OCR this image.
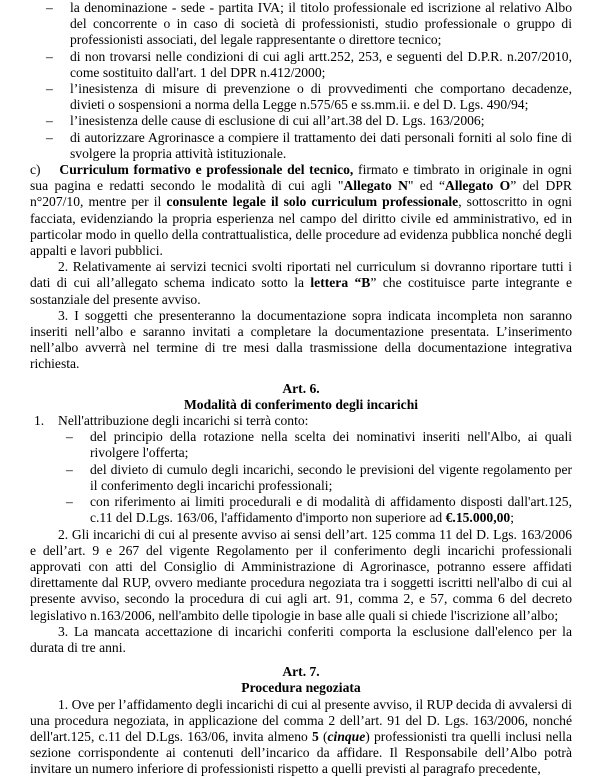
– la denominazione - sede - partita IVA; il titolo professionale ed iscrizione al relativo Albo del concorrente o in caso di società di professionisti, studio professionale o gruppo di professionisti associati, del legale rappresentante o direttore tecnico;

– di non trovarsi nelle condizioni di cui agli artt.252, 253, e seguenti del D.P.R. n.207/2010, come sostituito dall'art. 1 del DPR n.412/2000;

– l’inesistenza di misure di prevenzione o di provvedimenti che comportano decadenze, divieti o sospensioni a norma della Legge n.575/65 e ss.mm.ii. e del D. Lgs. 490/94;

– l’inesistenza delle cause di esclusione di cui all’art.38 del D. Lgs. 163/2006;

– di autorizzare Agrorinasce a compiere il trattamento dei dati personali forniti al solo fine di svolgere la propria attività istituzionale.

c) Curriculum formativo e professionale del tecnico, firmato e timbrato in originale in ogni sua pagina e redatti secondo le modalità di cui agli "Allegato N" ed “Allegato O” del DPR n°207/10, mentre per il consulente legale il solo curriculum professionale, sottoscritto in ogni facciata, evidenziando la propria esperienza nel campo del diritto civile ed amministrativo, ed in particolar modo in quello della contrattualistica, delle procedure ad evidenza pubblica nonché degli appalti e lavori pubblici.

2. Relativamente ai servizi tecnici svolti riportati nel curriculum si dovranno riportare tutti i dati di cui all’allegato schema indicato sotto la lettera “B” che costituisce parte integrante e sostanziale del presente avviso.

3. I soggetti che presenteranno la documentazione sopra indicata incompleta non saranno inseriti nell’albo e saranno invitati a completare la documentazione presentata. L’inserimento nell’albo avverrà nel termine di tre mesi dalla trasmissione della documentazione integrativa richiesta.

Art. 6.

Modalità di conferimento degli incarichi

1. Nell'attribuzione degli incarichi si terrà conto:

– del principio della rotazione nella scelta dei nominativi inseriti nell'Albo, ai quali rivolgere l'offerta;

– del divieto di cumulo degli incarichi, secondo le previsioni del vigente regolamento per il conferimento degli incarichi professionali;

– con riferimento ai limiti procedurali e di modalità di affidamento disposti dall'art.125, c.11 del D.Lgs. 163/06, l'affidamento d'importo non superiore ad €.15.000,00;

2. Gli incarichi di cui al presente avviso ai sensi dell’art. 125 comma 11 del D. Lgs. 163/2006 e dell’art. 9 e 267 del vigente Regolamento per il conferimento degli incarichi professionali approvati con atti del Consiglio di Amministrazione di Agrorinasce, potranno essere affidati direttamente dal RUP, ovvero mediante procedura negoziata tra i soggetti iscritti nell'albo di cui al presente avviso, secondo la procedura di cui agli art. 91, comma 2, e 57, comma 6 del decreto legislativo n.163/2006, nell'ambito delle tipologie in base alle quali si chiede l'iscrizione all’albo;

3. La mancata accettazione di incarichi conferiti comporta la esclusione dall'elenco per la durata di tre anni.

Art. 7.

Procedura negoziata

1. Ove per l’affidamento degli incarichi di cui al presente avviso, il RUP decida di avvalersi di una procedura negoziata, in applicazione del comma 2 dell’art. 91 del D. Lgs. 163/2006, nonché dell'art.125, c.11 del D.Lgs. 163/06, invita almeno 5 (cinque) professionisti tra quelli inclusi nella sezione corrispondente ai contenuti dell’incarico da affidare. Il Responsabile dell’Albo potrà invitare un numero inferiore di professionisti rispetto a quelli previsti al paragrafo precedente,
